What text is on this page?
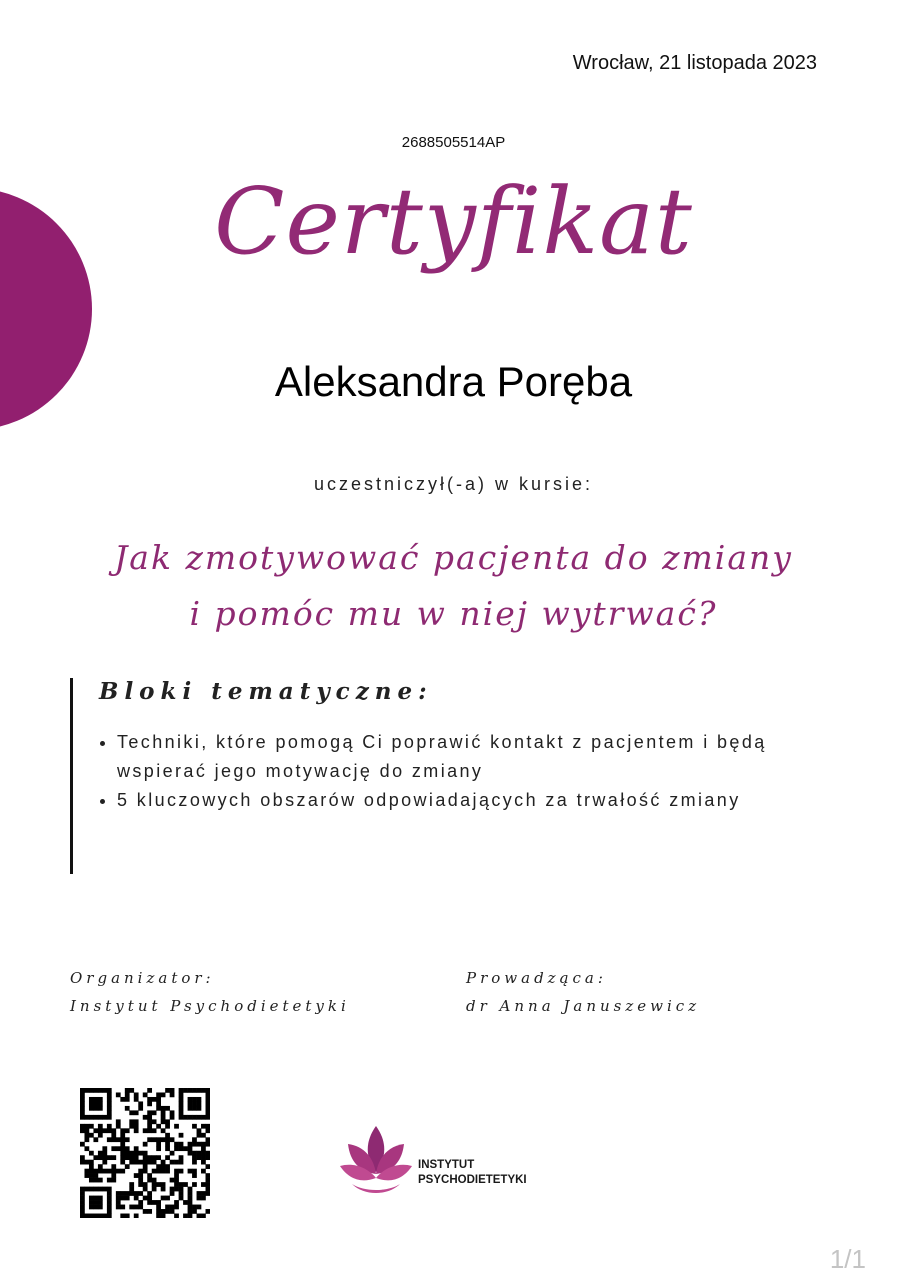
Wrocław, 21 listopada 2023
2688505514AP
Certyfikat
Aleksandra Poręba
uczestniczył(-a) w kursie:
Jak zmotywować pacjenta do zmiany
i pomóc mu w niej wytrwać?
Bloki tematyczne:
• Techniki, które pomogą Ci poprawić kontakt z pacjentem i będą wspierać jego motywację do zmiany
• 5 kluczowych obszarów odpowiadających za trwałość zmiany
Organizator:
Instytut Psychodietetyki
Prowadząca:
dr Anna Januszewicz
INSTYTUT
PSYCHODIETETYKI
1/1
